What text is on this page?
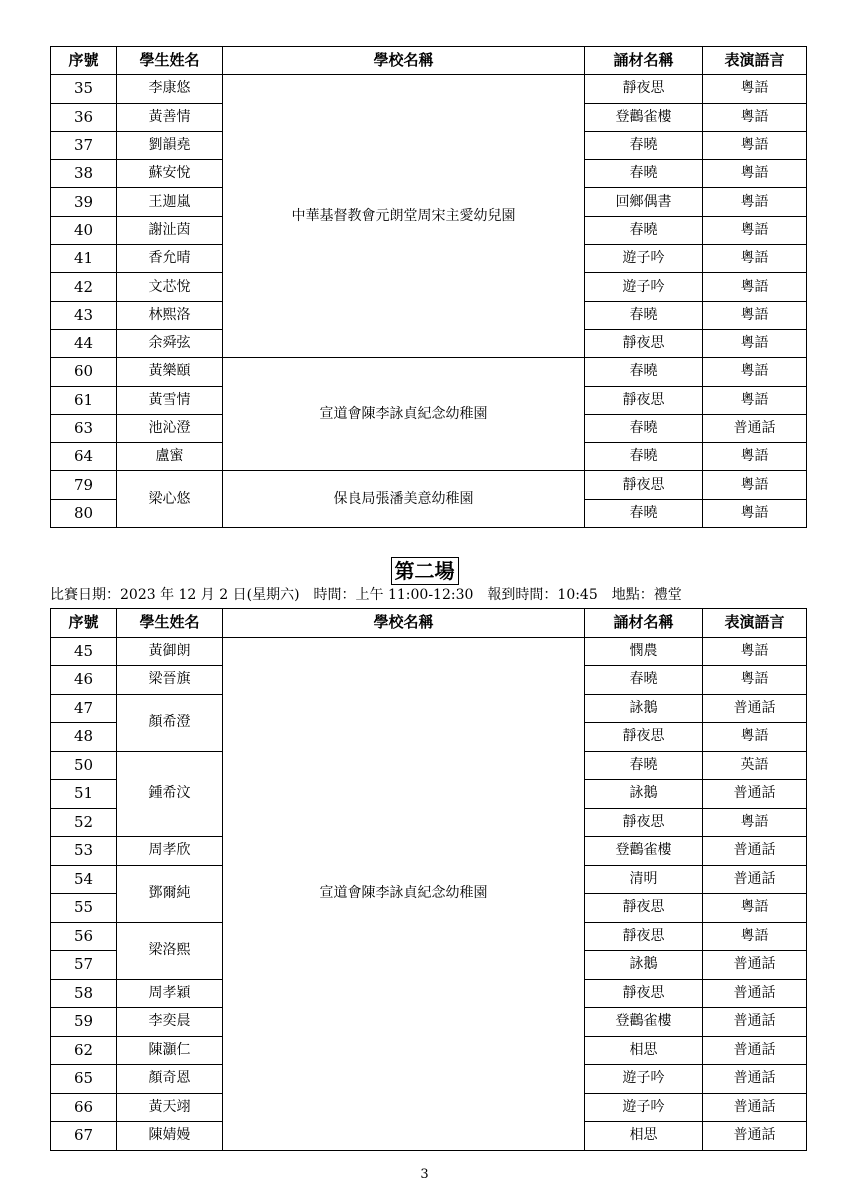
序號	學生姓名	學校名稱	誦材名稱	表演語言
35	李康悠	中華基督教會元朗堂周宋主愛幼兒園	靜夜思	粵語
36	黃善情		登鸛雀樓	粵語
37	劉韻堯		春曉	粵語
38	蘇安悅		春曉	粵語
39	王迦嵐		回鄉偶書	粵語
40	謝沚茵		春曉	粵語
41	香允晴		遊子吟	粵語
42	文芯悅		遊子吟	粵語
43	林熙洛		春曉	粵語
44	余舜弦		靜夜思	粵語
60	黃樂頤	宣道會陳李詠貞紀念幼稚園	春曉	粵語
61	黃雪情		靜夜思	粵語
63	池沁澄		春曉	普通話
64	盧蜜		春曉	粵語
79	梁心悠	保良局張潘美意幼稚園	靜夜思	粵語
80			春曉	粵語
第二場
比賽日期：2023 年 12 月 2 日(星期六) 時間：上午 11:00-12:30 報到時間：10:45 地點：禮堂
序號	學生姓名	學校名稱	誦材名稱	表演語言
45	黃御朗	宣道會陳李詠貞紀念幼稚園	憫農	粵語
46	梁晉旗		春曉	粵語
47	顏希澄		詠鵝	普通話
48			靜夜思	粵語
50	鍾希汶		春曉	英語
51			詠鵝	普通話
52			靜夜思	粵語
53	周孝欣		登鸛雀樓	普通話
54	鄧爾純		清明	普通話
55			靜夜思	粵語
56	梁洛熙		靜夜思	粵語
57			詠鵝	普通話
58	周孝穎		靜夜思	普通話
59	李奕晨		登鸛雀樓	普通話
62	陳灝仁		相思	普通話
65	顏奇恩		遊子吟	普通話
66	黃天翊		遊子吟	普通話
67	陳婧嫚		相思	普通話
3
